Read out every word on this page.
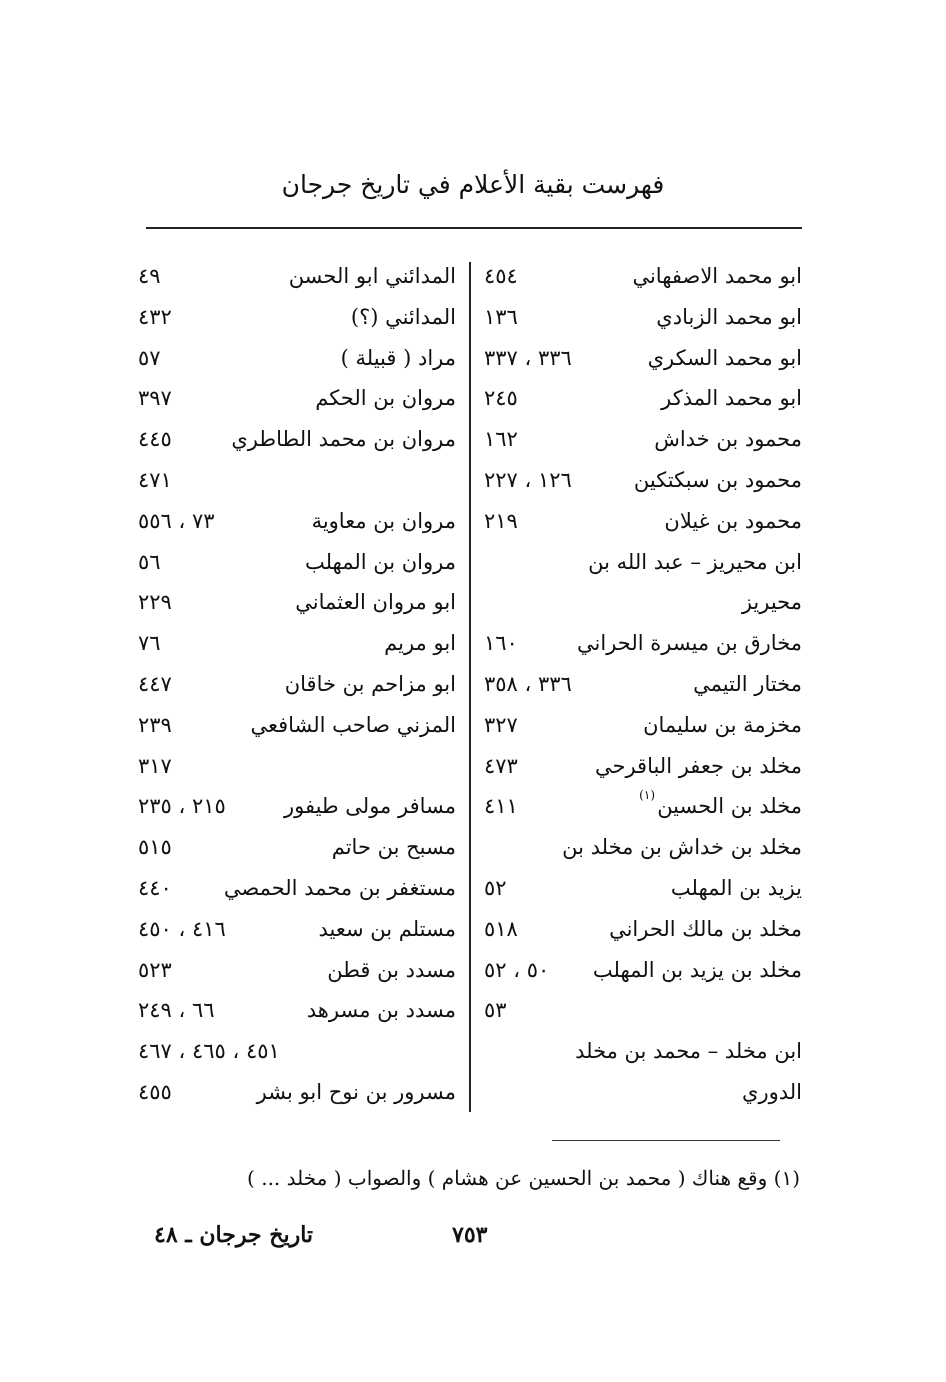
فهرست بقية الأعلام في تاريخ جرجان
ابو محمد الاصفهاني
٤٥٤
ابو محمد الزبادي
١٣٦
ابو محمد السكري
٣٣٦ ، ٣٣٧
ابو محمد المذكر
٢٤٥
محمود بن خداش
١٦٢
محمود بن سبكتكين
١٢٦ ، ٢٢٧
محمود بن غيلان
٢١٩
ابن محيريز – عبد الله بن
محيريز
مخارق بن ميسرة الحراني
١٦٠
مختار التيمي
٣٣٦ ، ٣٥٨
مخزمة بن سليمان
٣٢٧
مخلد بن جعفر الباقرحي
٤٧٣
مخلد بن الحسين
(١)
٤١١
مخلد بن خداش بن مخلد بن
يزيد بن المهلب
٥٢
مخلد بن مالك الحراني
٥١٨
مخلد بن يزيد بن المهلب
٥٠ ، ٥٢
٥٣
ابن مخلد – محمد بن مخلد
الدوري
المدائني ابو الحسن
٤٩
المدائني (؟)
٤٣٢
مراد ( قبيلة )
٥٧
مروان بن الحكم
٣٩٧
مروان بن محمد الطاطري
٤٤٥
٤٧١
مروان بن معاوية
٧٣ ، ٥٥٦
مروان بن المهلب
٥٦
ابو مروان العثماني
٢٢٩
ابو مريم
٧٦
ابو مزاحم بن خاقان
٤٤٧
المزني صاحب الشافعي
٢٣٩
٣١٧
مسافر مولى طيفور
٢١٥ ، ٢٣٥
مسبح بن حاتم
٥١٥
مستغفر بن محمد الحمصي
٤٤٠
مستلم بن سعيد
٤١٦ ، ٤٥٠
مسدد بن قطن
٥٢٣
مسدد بن مسرهد
٦٦ ، ٢٤٩
٤٥١ ، ٤٦٥ ، ٤٦٧
مسرور بن نوح ابو بشر
٤٥٥
(١) وقع هناك ( محمد بن الحسين عن هشام ) والصواب ( مخلد ... )
تاريخ جرجان ـ ٤٨	٧٥٣
